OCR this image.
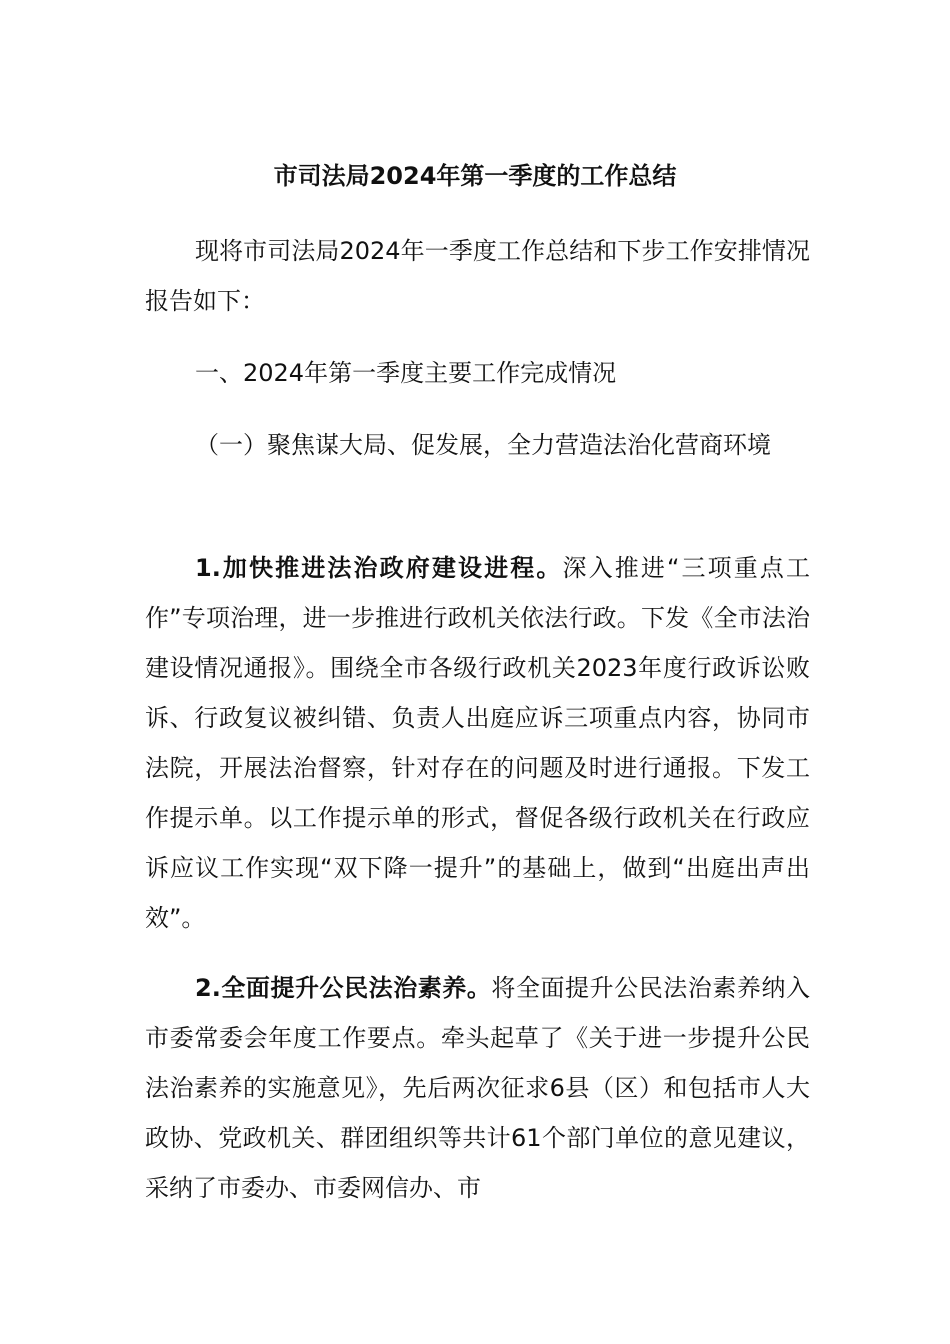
市司法局2024年第一季度的工作总结

现将市司法局2024年一季度工作总结和下步工作安排情况报告如下：

一、2024年第一季度主要工作完成情况

（一）聚焦谋大局、促发展，全力营造法治化营商环境

1.加快推进法治政府建设进程。深入推进“三项重点工作”专项治理，进一步推进行政机关依法行政。下发《全市法治建设情况通报》。围绕全市各级行政机关2023年度行政诉讼败诉、行政复议被纠错、负责人出庭应诉三项重点内容，协同市法院，开展法治督察，针对存在的问题及时进行通报。下发工作提示单。以工作提示单的形式，督促各级行政机关在行政应诉应议工作实现“双下降一提升”的基础上，做到“出庭出声出效”。

2.全面提升公民法治素养。将全面提升公民法治素养纳入市委常委会年度工作要点。牵头起草了《关于进一步提升公民法治素养的实施意见》，先后两次征求6县（区）和包括市人大政协、党政机关、群团组织等共计61个部门单位的意见建议，采纳了市委办、市委网信办、市
